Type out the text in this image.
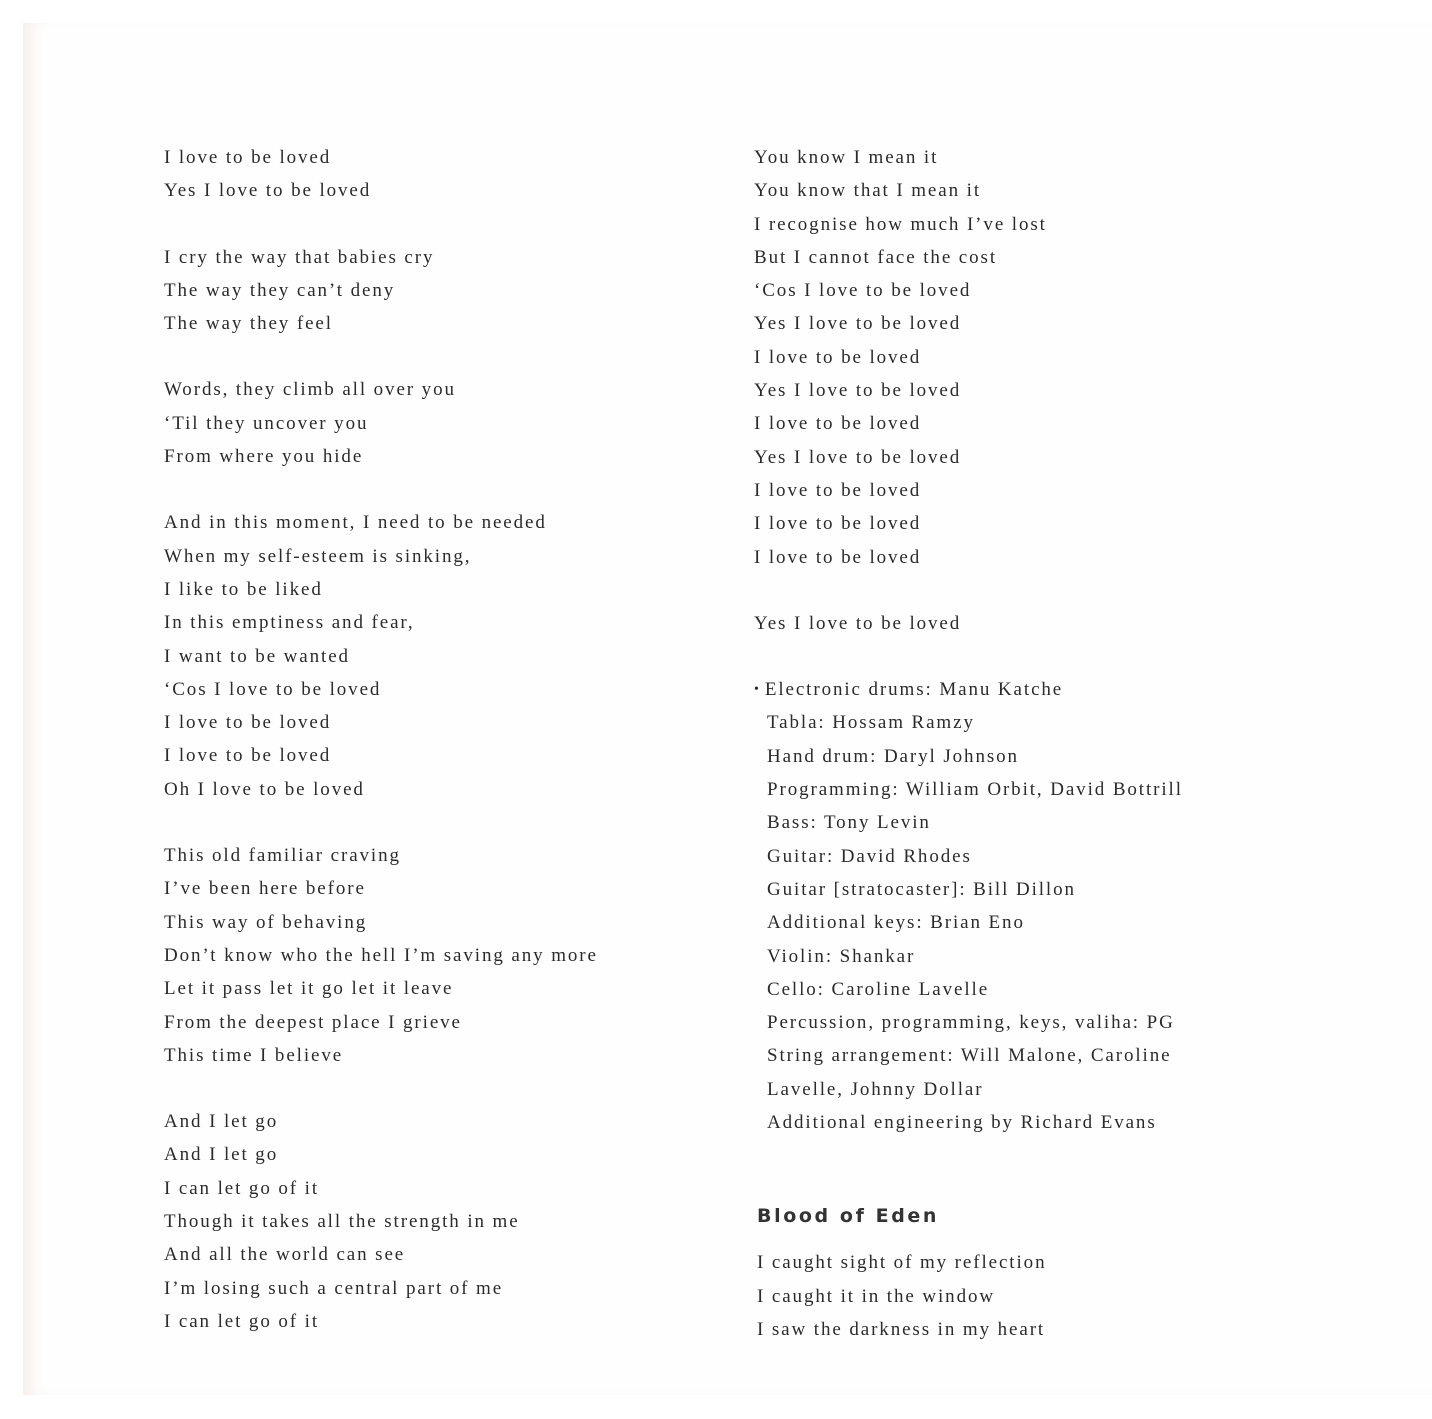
I love to be loved
Yes I love to be loved
I cry the way that babies cry
The way they can’t deny
The way they feel
Words, they climb all over you
‘Til they uncover you
From where you hide
And in this moment, I need to be needed
When my self-esteem is sinking,
I like to be liked
In this emptiness and fear,
I want to be wanted
‘Cos I love to be loved
I love to be loved
I love to be loved
Oh I love to be loved
This old familiar craving
I’ve been here before
This way of behaving
Don’t know who the hell I’m saving any more
Let it pass let it go let it leave
From the deepest place I grieve
This time I believe
And I let go
And I let go
I can let go of it
Though it takes all the strength in me
And all the world can see
I’m losing such a central part of me
I can let go of it
You know I mean it
You know that I mean it
I recognise how much I’ve lost
But I cannot face the cost
‘Cos I love to be loved
Yes I love to be loved
I love to be loved
Yes I love to be loved
I love to be loved
Yes I love to be loved
I love to be loved
I love to be loved
I love to be loved
Yes I love to be loved
• Electronic drums: Manu Katche
Tabla: Hossam Ramzy
Hand drum: Daryl Johnson
Programming: William Orbit, David Bottrill
Bass: Tony Levin
Guitar: David Rhodes
Guitar [stratocaster]: Bill Dillon
Additional keys: Brian Eno
Violin: Shankar
Cello: Caroline Lavelle
Percussion, programming, keys, valiha: PG
String arrangement: Will Malone, Caroline
Lavelle, Johnny Dollar
Additional engineering by Richard Evans
Blood of Eden
I caught sight of my reflection
I caught it in the window
I saw the darkness in my heart
